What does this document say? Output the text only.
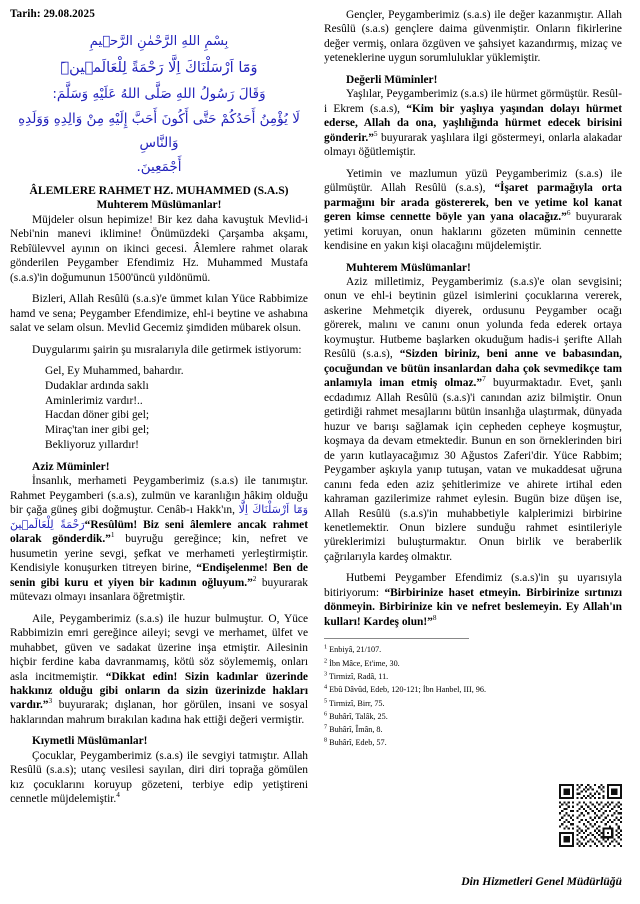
Tarih: 29.08.2025
بِسْمِ اللهِ الرَّحْمٰنِ الرَّحٖيمِ
وَمَٓا اَرْسَلْنَاكَ اِلَّا رَحْمَةً لِلْعَالَمٖينَۜ
وَقَالَ رَسُولُ اللهِ صَلَّى اللهُ عَلَيْهِ وَسَلَّمَ:
لَا يُؤْمِنُ أَحَدُكُمْ حَتَّى أَكُونَ أَحَبَّ إِلَيْهِ مِنْ وَالِدِهِ وَوَلَدِهِ وَالنَّاسِ
أَجْمَعِينَ.
ÂLEMLERE RAHMET HZ. MUHAMMED (S.A.S)
Muhterem Müslümanlar!

Müjdeler olsun hepimize! Bir kez daha kavuştuk Mevlid-i Nebi'nin manevi iklimine! Önümüzdeki Çarşamba akşamı, Rebîülevvel ayının on ikinci gecesi. Âlemlere rahmet olarak gönderilen Peygamber Efendimiz Hz. Muhammed Mustafa (s.a.s)'in doğumunun 1500'üncü yıldönümü.

Bizleri, Allah Resûlü (s.a.s)'e ümmet kılan Yüce Rabbimize hamd ve sena; Peygamber Efendimize, ehl-i beytine ve ashabına salat ve selam olsun. Mevlid Gecemiz şimdiden mübarek olsun.

Duygularımı şairin şu mısralarıyla dile getirmek istiyorum:

Gel, Ey Muhammed, bahardır.
Dudaklar ardında saklı
Aminlerimiz vardır!..
Hacdan döner gibi gel;
Miraç'tan iner gibi gel;
Bekliyoruz yıllardır!
Aziz Müminler!

İnsanlık, merhameti Peygamberimiz (s.a.s) ile tanımıştır. Rahmet Peygamberi (s.a.s), zulmün ve karanlığın hâkim olduğu bir çağa güneş gibi doğmuştur. Cenâb-ı Hakk'ın, وَمَٓا اَرْسَلْنَاكَ اِلَّا رَحْمَةً لِلْعَالَمٖينَ“Resûlüm! Biz seni âlemlere ancak rahmet olarak gönderdik.”$^1$ buyruğu gereğince; kin, nefret ve husumetin yerine sevgi, şefkat ve merhameti yerleştirmiştir. Kendisiyle konuşurken titreyen birine, “Endişelenme! Ben de senin gibi kuru et yiyen bir kadının oğluyum.”$^2$ buyurarak mütevazı olmayı insanlara öğretmiştir.

Aile, Peygamberimiz (s.a.s) ile huzur bulmuştur. O, Yüce Rabbimizin emri gereğince aileyi; sevgi ve merhamet, ülfet ve muhabbet, güven ve sadakat üzerine inşa etmiştir. Ailesinin hiçbir ferdine kaba davranmamış, kötü söz söylememiş, onları asla incitmemiştir. “Dikkat edin! Sizin kadınlar üzerinde hakkınız olduğu gibi onların da sizin üzerinizde hakları vardır.”$^3$ buyurarak; dışlanan, hor görülen, insani ve sosyal haklarından mahrum bırakılan kadına hak ettiği değeri vermiştir.

Kıymetli Müslümanlar!

Çocuklar, Peygamberimiz (s.a.s) ile sevgiyi tatmıştır. Allah Resûlü (s.a.s); utanç vesilesi sayılan, diri diri toprağa gömülen kız çocuklarını koruyup gözeteni, terbiye edip yetiştireni cennetle müjdelemiştir.$^4$

Gençler, Peygamberimiz (s.a.s) ile değer kazanmıştır. Allah Resûlü (s.a.s) gençlere daima güvenmiştir. Onların fikirlerine değer vermiş, onlara özgüven ve şahsiyet kazandırmış, mizaç ve yeteneklerine uygun sorumluluklar yüklemiştir.

Değerli Müminler!

Yaşlılar, Peygamberimiz (s.a.s) ile hürmet görmüştür. Resûl-i Ekrem (s.a.s), “Kim bir yaşlıya yaşından dolayı hürmet ederse, Allah da ona, yaşlılığında hürmet edecek birisini gönderir.”$^5$ buyurarak yaşlılara ilgi göstermeyi, onlarla alakadar olmayı öğütlemiştir.

Yetimin ve mazlumun yüzü Peygamberimiz (s.a.s) ile gülmüştür. Allah Resûlü (s.a.s), “İşaret parmağıyla orta parmağını bir arada göstererek, ben ve yetime kol kanat geren kimse cennette böyle yan yana olacağız.”$^6$ buyurarak yetimi koruyan, onun haklarını gözeten müminin cennette kendisine en yakın kişi olacağını müjdelemiştir.

Muhterem Müslümanlar!

Aziz milletimiz, Peygamberimiz (s.a.s)'e olan sevgisini; onun ve ehl-i beytinin güzel isimlerini çocuklarına vererek, askerine Mehmetçik diyerek, ordusunu Peygamber ocağı görerek, malını ve canını onun yolunda feda ederek ortaya koymuştur. Hutbeme başlarken okuduğum hadis-i şerifte Allah Resûlü (s.a.s), “Sizden biriniz, beni anne ve babasından, çocuğundan ve bütün insanlardan daha çok sevmedikçe tam anlamıyla iman etmiş olmaz.”$^7$ buyurmaktadır. Evet, şanlı ecdadımız Allah Resûlü (s.a.s)'i canından aziz bilmiştir. Onun getirdiği rahmet mesajlarını bütün insanlığa ulaştırmak, dünyada huzur ve barışı sağlamak için cepheden cepheye koşmuştur, koşmaya da devam etmektedir. Bunun en son örneklerinden biri de yarın kutlayacağımız 30 Ağustos Zaferi'dir. Yüce Rabbim; Peygamber aşkıyla yanıp tutuşan, vatan ve mukaddesat uğruna canını feda eden aziz şehitlerimize ve ahirete irtihal eden kahraman gazilerimize rahmet eylesin. Bugün bize düşen ise, Allah Resûlü (s.a.s)'in muhabbetiyle kalplerimizi birbirine kenetlemektir. Onun bizlere sunduğu rahmet esintileriyle yüreklerimizi buluşturmaktır. Onun birlik ve beraberlik çağrılarıyla kardeş olmaktır.

Hutbemi Peygamber Efendimiz (s.a.s)'in şu uyarısıyla bitiriyorum: “Birbirinize haset etmeyin. Birbirinize sırtınızı dönmeyin. Birbirinize kin ve nefret beslemeyin. Ey Allah'ın kulları! Kardeş olun!”$^8$

$^1$ Enbiyâ, 21/107.
$^2$ İbn Mâce, Et'ime, 30.
$^3$ Tirmizî, Radâ, 11.
$^4$ Ebû Dâvûd, Edeb, 120-121; İbn Hanbel, III, 96.
$^5$ Tirmizî, Birr, 75.
$^6$ Buhârî, Talâk, 25.
$^7$ Buhârî, Îmân, 8.
$^8$ Buhârî, Edeb, 57.
Din Hizmetleri Genel Müdürlüğü
